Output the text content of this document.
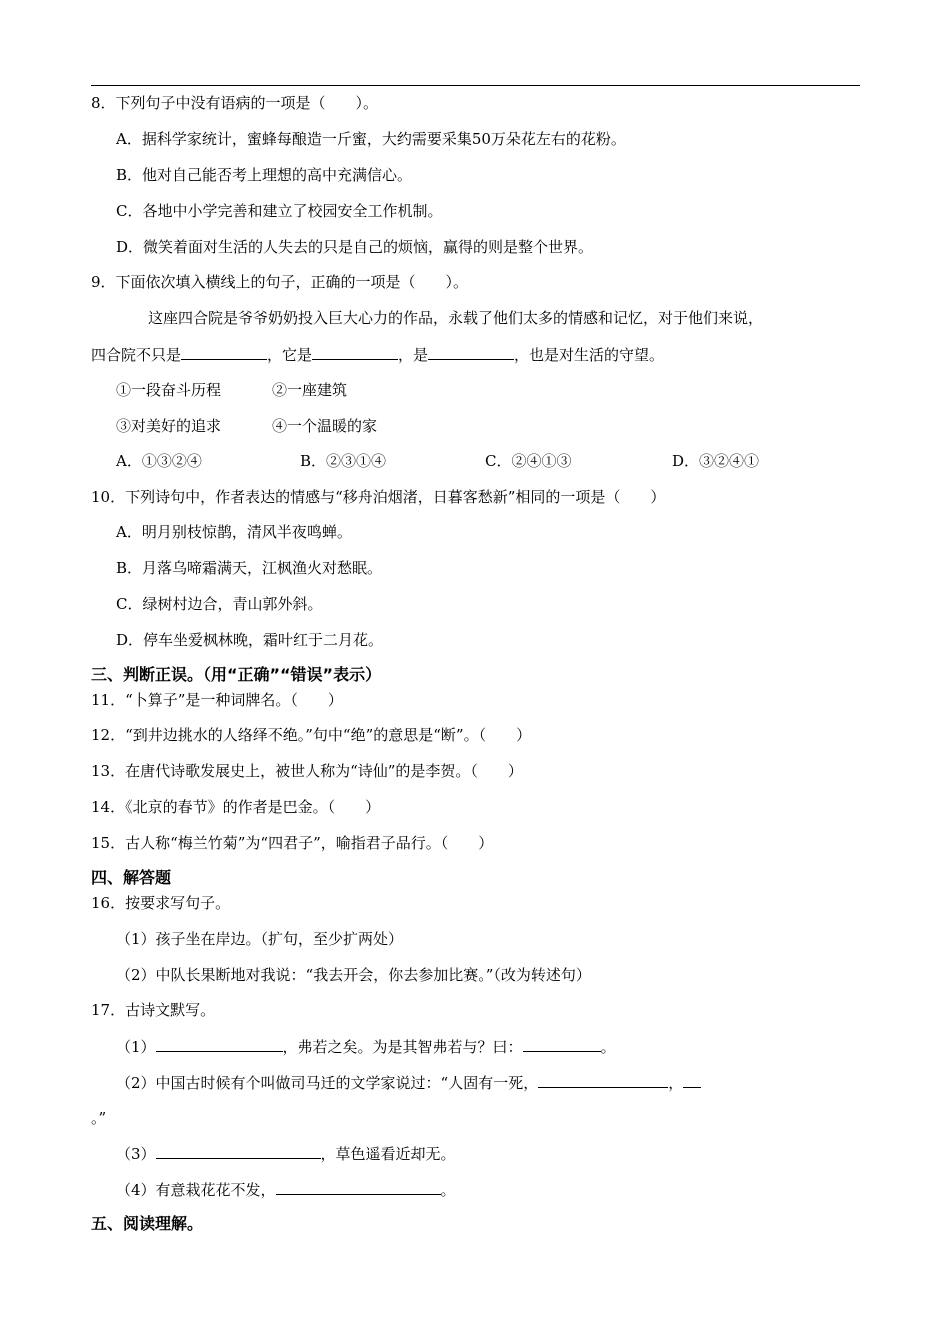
8．下列句子中没有语病的一项是（　　）。
A．据科学家统计，蜜蜂每酿造一斤蜜，大约需要采集50万朵花左右的花粉。
B．他对自己能否考上理想的高中充满信心。
C．各地中小学完善和建立了校园安全工作机制。
D．微笑着面对生活的人失去的只是自己的烦恼，赢得的则是整个世界。
9．下面依次填入横线上的句子，正确的一项是（　　）。
这座四合院是爷爷奶奶投入巨大心力的作品，永载了他们太多的情感和记忆，对于他们来说，
四合院不只是	，它是	，是	，也是对生活的守望。
①一段奋斗历程	②一座建筑
③对美好的追求	④一个温暖的家
A．①③②④	B．②③①④	C．②④①③	D．③②④①
10．下列诗句中，作者表达的情感与“移舟泊烟渚，日暮客愁新”相同的一项是（　　）
A．明月别枝惊鹊，清风半夜鸣蝉。
B．月落乌啼霜满天，江枫渔火对愁眠。
C．绿树村边合，青山郭外斜。
D．停车坐爱枫林晚，霜叶红于二月花。
三、判断正误。（用“正确”“错误”表示）
11．“卜算子”是一种词牌名。（　　）
12．“到井边挑水的人络绎不绝。”句中“绝”的意思是“断”。（　　）
13．在唐代诗歌发展史上，被世人称为“诗仙”的是李贺。（　　）
14．《北京的春节》的作者是巴金。（　　）
15．古人称“梅兰竹菊”为“四君子”，喻指君子品行。（　　）
四、解答题
16．按要求写句子。
（1）孩子坐在岸边。（扩句，至少扩两处）
（2）中队长果断地对我说：“我去开会，你去参加比赛。”（改为转述句）
17．古诗文默写。
（1）	，弗若之矣。为是其智弗若与？曰：	。
（2）中国古时候有个叫做司马迁的文学家说过：“人固有一死，	，
。”
（3）	，草色遥看近却无。
（4）有意栽花花不发，	。
五、阅读理解。
